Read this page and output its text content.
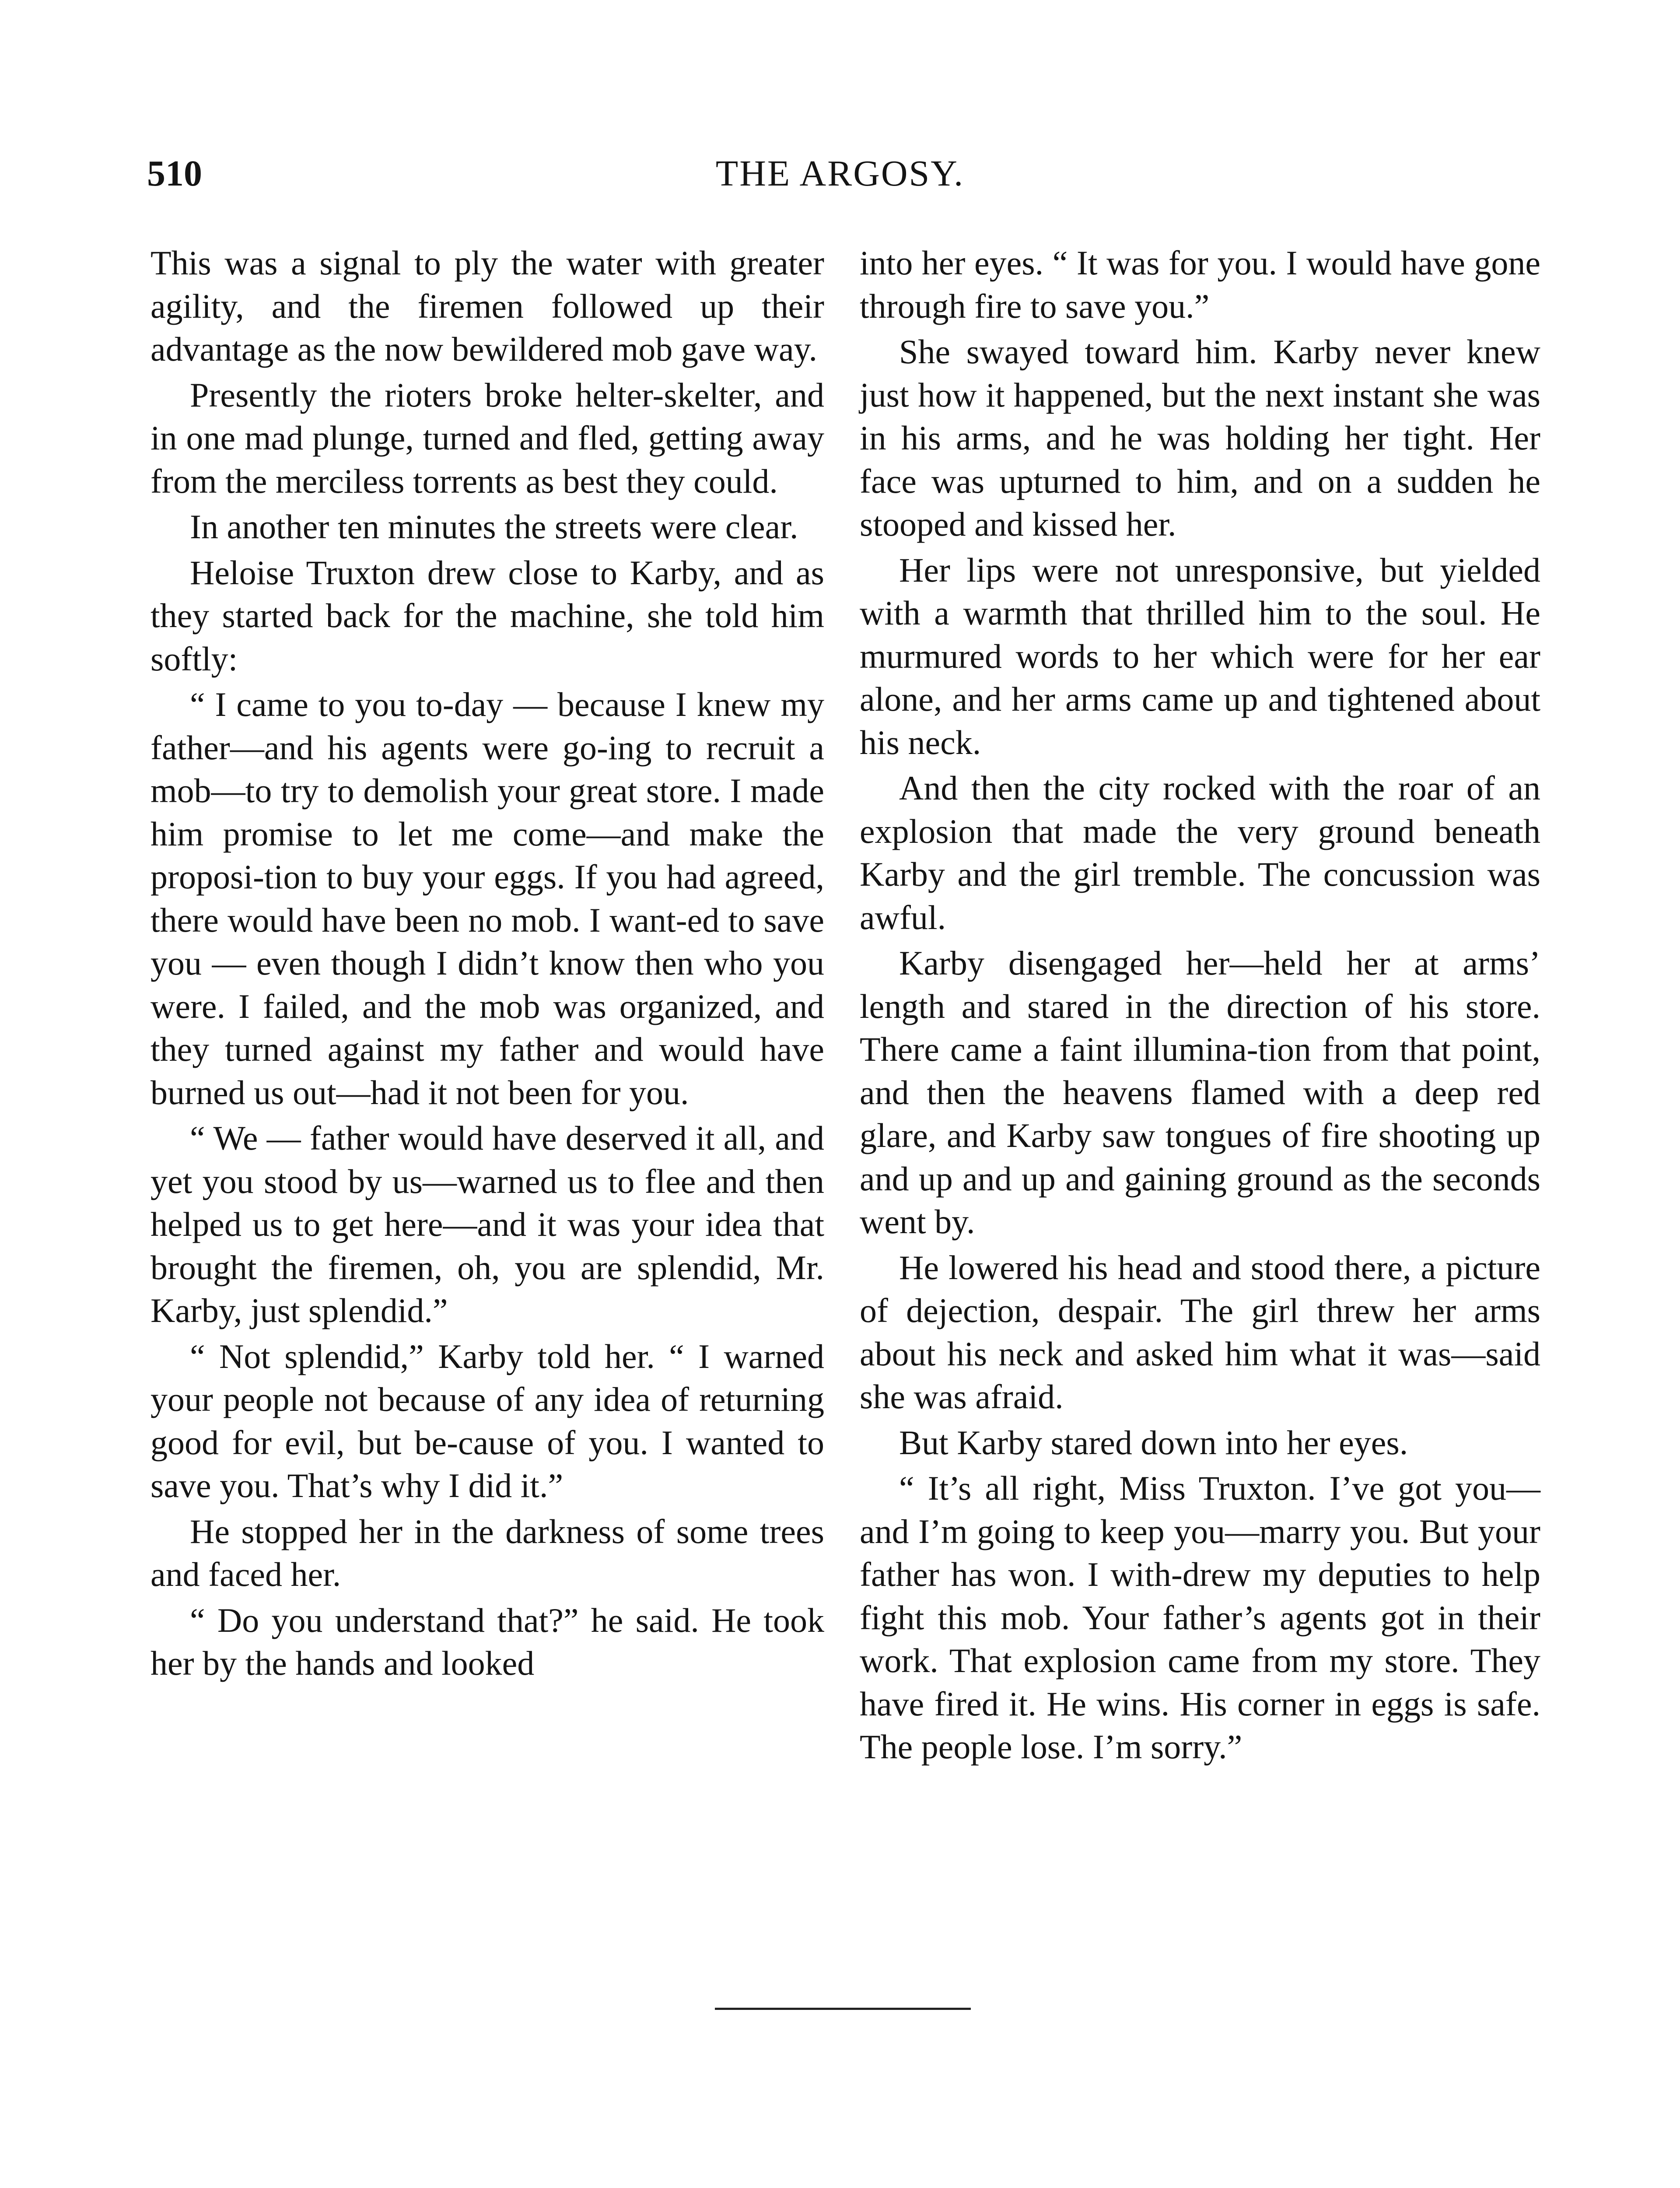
510	THE ARGOSY.

This was a signal to ply the water with greater agility, and the firemen followed up their advantage as the now bewildered mob gave way.

Presently the rioters broke helter-skelter, and in one mad plunge, turned and fled, getting away from the merciless torrents as best they could.

In another ten minutes the streets were clear.

Heloise Truxton drew close to Karby, and as they started back for the machine, she told him softly:

“ I came to you to-day — because I knew my father—and his agents were go-ing to recruit a mob—to try to demolish your great store. I made him promise to let me come—and make the proposi-tion to buy your eggs. If you had agreed, there would have been no mob. I want-ed to save you — even though I didn’t know then who you were. I failed, and the mob was organized, and they turned against my father and would have burned us out—had it not been for you.

“ We — father would have deserved it all, and yet you stood by us—warned us to flee and then helped us to get here—and it was your idea that brought the firemen, oh, you are splendid, Mr. Karby, just splendid.”

“ Not splendid,” Karby told her. “ I warned your people not because of any idea of returning good for evil, but be-cause of you. I wanted to save you. That’s why I did it.”

He stopped her in the darkness of some trees and faced her.

“ Do you understand that?” he said. He took her by the hands and looked

into her eyes. “ It was for you. I would have gone through fire to save you.”

She swayed toward him. Karby never knew just how it happened, but the next instant she was in his arms, and he was holding her tight. Her face was upturned to him, and on a sudden he stooped and kissed her.

Her lips were not unresponsive, but yielded with a warmth that thrilled him to the soul. He murmured words to her which were for her ear alone, and her arms came up and tightened about his neck.

And then the city rocked with the roar of an explosion that made the very ground beneath Karby and the girl tremble. The concussion was awful.

Karby disengaged her—held her at arms’ length and stared in the direction of his store. There came a faint illumina-tion from that point, and then the heavens flamed with a deep red glare, and Karby saw tongues of fire shooting up and up and up and gaining ground as the seconds went by.

He lowered his head and stood there, a picture of dejection, despair. The girl threw her arms about his neck and asked him what it was—said she was afraid.

But Karby stared down into her eyes.

“ It’s all right, Miss Truxton. I’ve got you—and I’m going to keep you—marry you. But your father has won. I with-drew my deputies to help fight this mob. Your father’s agents got in their work. That explosion came from my store. They have fired it. He wins. His corner in eggs is safe. The people lose. I’m sorry.”
